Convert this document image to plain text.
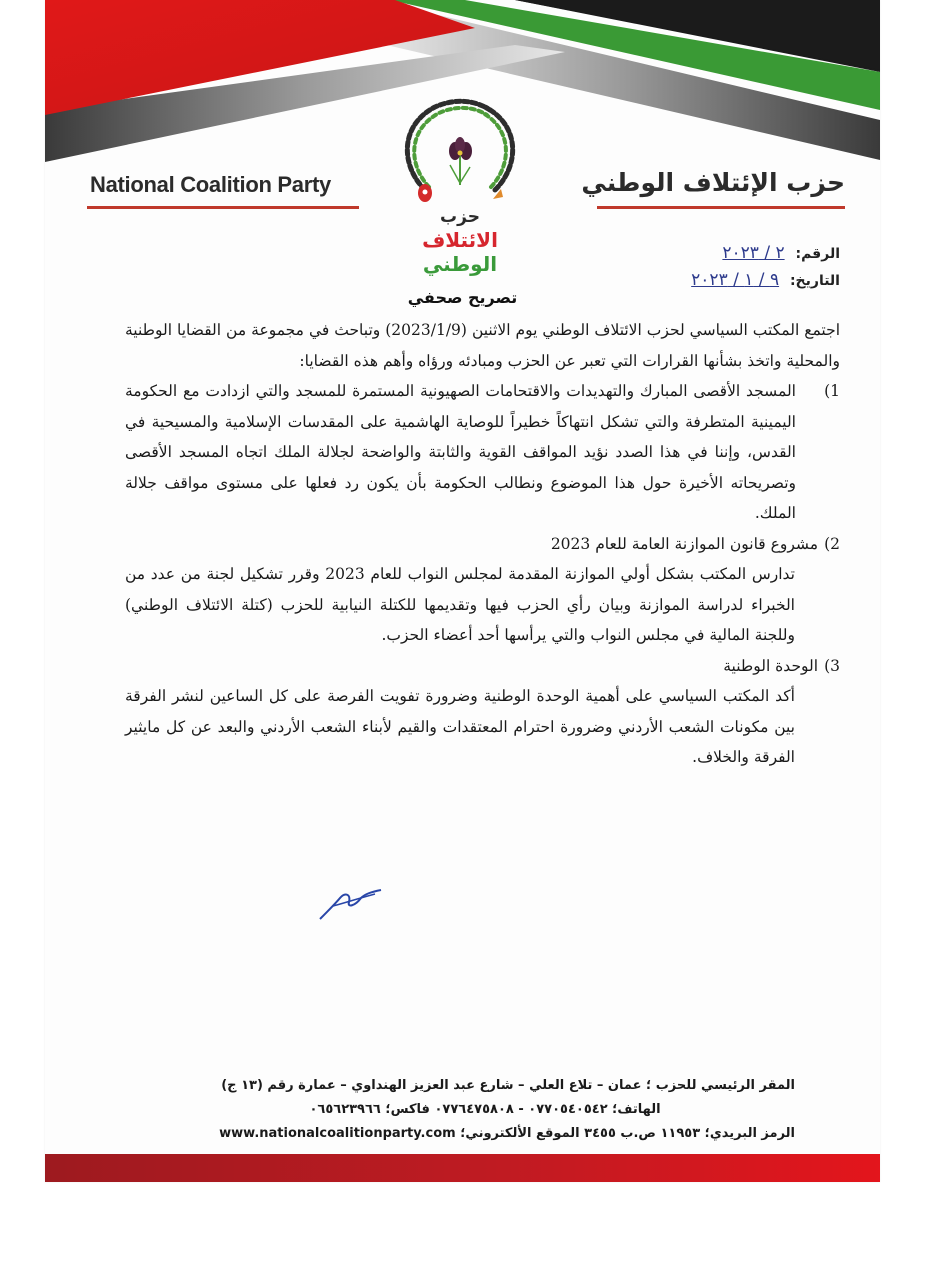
National Coalition Party	حزب الإئتلاف الوطني
حزب
الائتلاف الوطني	الرقم: ٢ / ٢٠٢٣
التاريخ: ٩ / ١ / ٢٠٢٣
تصريح صحفي

اجتمع المكتب السياسي لحزب الائتلاف الوطني يوم الاثنين (2023/1/9) وتباحث في مجموعة من القضايا الوطنية والمحلية واتخذ بشأنها القرارات التي تعبر عن الحزب ومبادئه ورؤاه وأهم هذه القضايا:

1)
المسجد الأقصى المبارك والتهديدات والاقتحامات الصهيونية المستمرة للمسجد والتي ازدادت مع الحكومة اليمينية المتطرفة والتي تشكل انتهاكاً خطيراً للوصاية الهاشمية على المقدسات الإسلامية والمسيحية في القدس، وإننا في هذا الصدد نؤيد المواقف القوية والثابتة والواضحة لجلالة الملك اتجاه المسجد الأقصى وتصريحاته الأخيرة حول هذا الموضوع ونطالب الحكومة بأن يكون رد فعلها على مستوى مواقف جلالة الملك.
2)
مشروع قانون الموازنة العامة للعام 2023

تدارس المكتب بشكل أولي الموازنة المقدمة لمجلس النواب للعام 2023 وقرر تشكيل لجنة من عدد من الخبراء لدراسة الموازنة وبيان رأي الحزب فيها وتقديمها للكتلة النيابية للحزب (كتلة الائتلاف الوطني) وللجنة المالية في مجلس النواب والتي يرأسها أحد أعضاء الحزب.

3)
الوحدة الوطنية

أكد المكتب السياسي على أهمية الوحدة الوطنية وضرورة تفويت الفرصة على كل الساعين لنشر الفرقة بين مكونات الشعب الأردني وضرورة احترام المعتقدات والقيم لأبناء الشعب الأردني والبعد عن كل مايثير الفرقة والخلاف.

المقر الرئيسي للحزب ؛ عمان – تلاع العلي – شارع عبد العزيز الهنداوي – عمارة رقم (١٣ ج)
الهاتف؛ ٠٧٧٠٥٤٠٥٤٢ - ٠٧٧٦٤٧٥٨٠٨ فاكس؛ ٠٦٥٦٢٣٩٦٦
الرمز البريدي؛ ١١٩٥٣ ص.ب ٣٤٥٥ الموقع الألكتروني؛ www.nationalcoalitionparty.com
